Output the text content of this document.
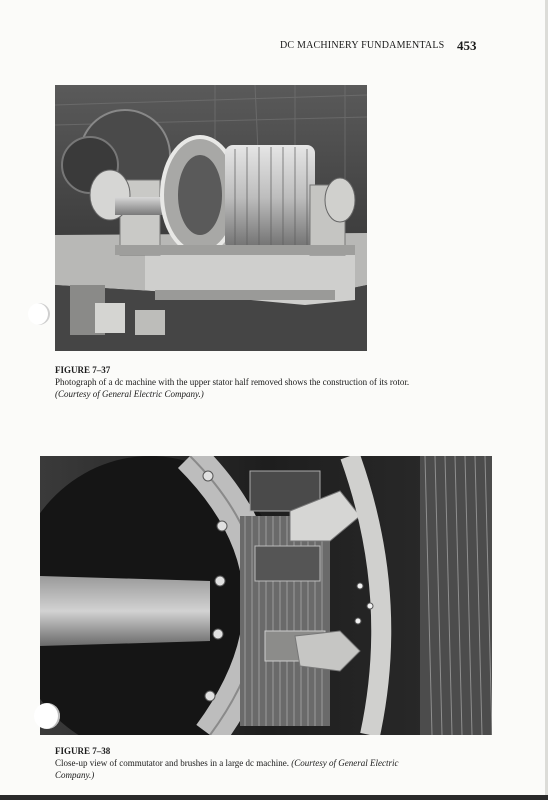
DC MACHINERY FUNDAMENTALS 453
FIGURE 7–37
Photograph of a dc machine with the upper stator half removed shows the construction of its rotor.
(Courtesy of General Electric Company.)
FIGURE 7–38
Close-up view of commutator and brushes in a large dc machine. (Courtesy of General Electric
Company.)
